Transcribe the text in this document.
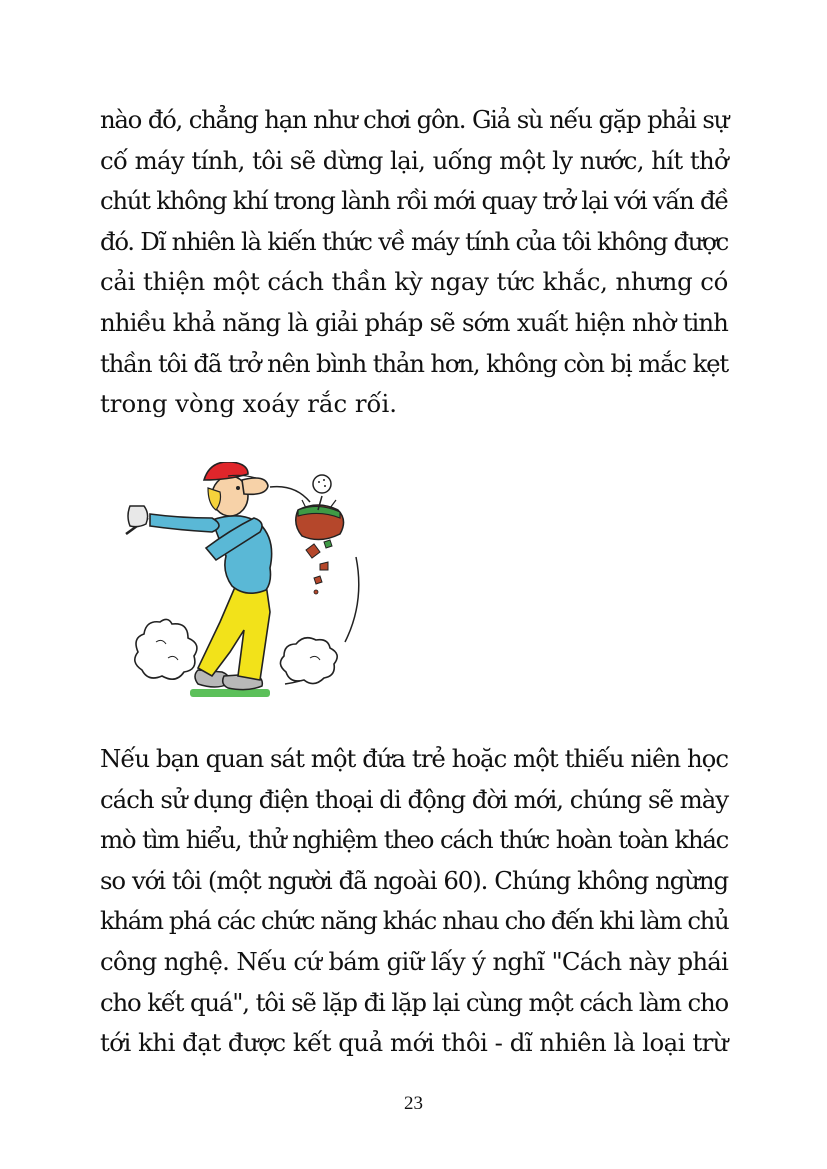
nào đó, chẳng hạn như chơi gôn. Giả sù nếu gặp phải sự
cố máy tính, tôi sẽ dừng lại, uống một ly nước, hít thở
chút không khí trong lành rồi mới quay trở lại với vấn đề
đó. Dĩ nhiên là kiến thức về máy tính của tôi không được
cải thiện một cách thần kỳ ngay tức khắc, nhưng có
nhiều khả năng là giải pháp sẽ sớm xuất hiện nhờ tinh
thần tôi đã trở nên bình thản hơn, không còn bị mắc kẹt
trong vòng xoáy rắc rối.
Nếu bạn quan sát một đứa trẻ hoặc một thiếu niên học
cách sử dụng điện thoại di động đời mới, chúng sẽ mày
mò tìm hiểu, thử nghiệm theo cách thức hoàn toàn khác
so với tôi (một người đã ngoài 60). Chúng không ngừng
khám phá các chức năng khác nhau cho đến khi làm chủ
công nghệ. Nếu cứ bám giữ lấy ý nghĩ "Cách này phái
cho kết quá", tôi sẽ lặp đi lặp lại cùng một cách làm cho
tới khi đạt được kết quả mới thôi - dĩ nhiên là loại trừ
23
